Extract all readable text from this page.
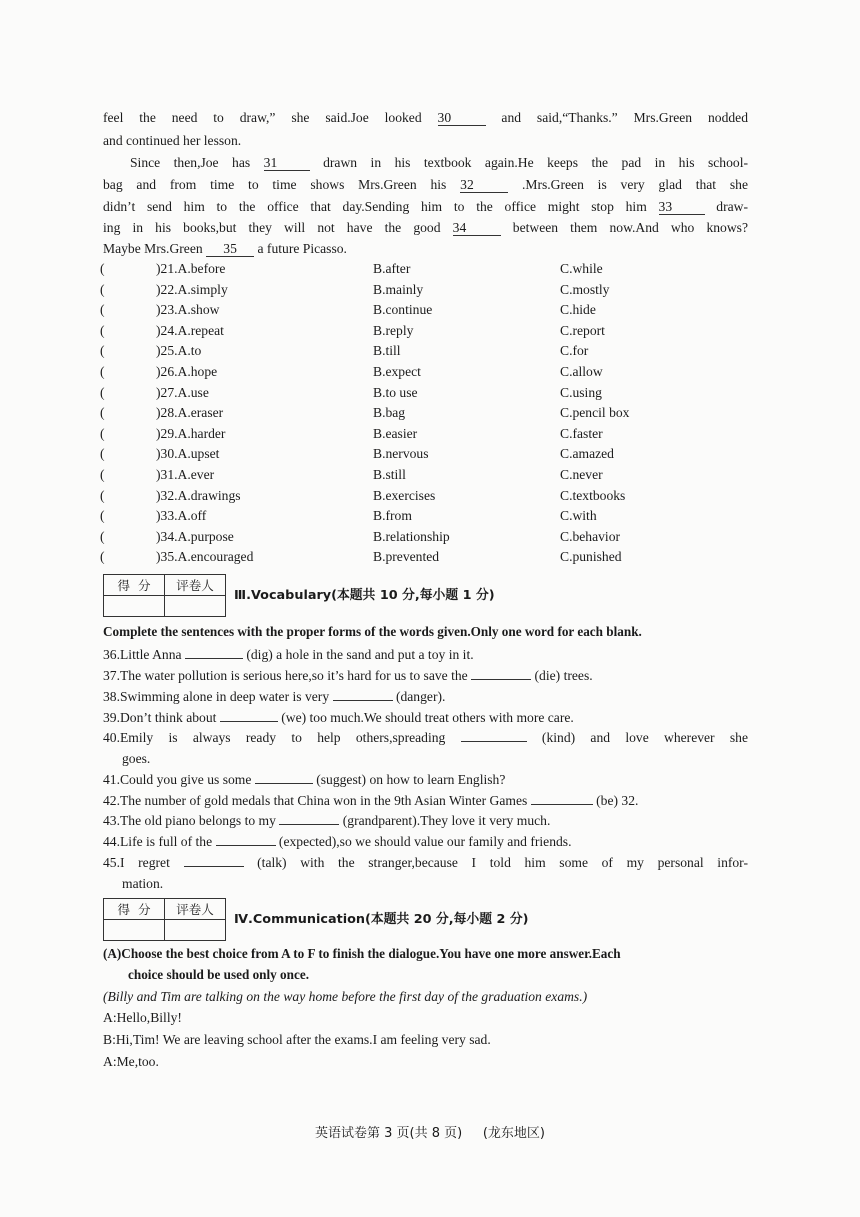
feel the need to draw,” she said.Joe looked 30	and said,“Thanks.” Mrs.Green nodded
and continued her lesson.
Since then,Joe has 31	drawn in his textbook again.He keeps the pad in his school-
bag and from time to time shows Mrs.Green his 32	.Mrs.Green is very glad that she
didn’t send him to the office that day.Sending him to the office might stop him 33	draw-
ing in his books,but they will not have the good 34	between them now.And who knows?
Maybe Mrs.Green 35 a future Picasso.
(	)21.A.before	B.after	C.while
(	)22.A.simply	B.mainly	C.mostly
(	)23.A.show	B.continue	C.hide
(	)24.A.repeat	B.reply	C.report
(	)25.A.to	B.till	C.for
(	)26.A.hope	B.expect	C.allow
(	)27.A.use	B.to use	C.using
(	)28.A.eraser	B.bag	C.pencil box
(	)29.A.harder	B.easier	C.faster
(	)30.A.upset	B.nervous	C.amazed
(	)31.A.ever	B.still	C.never
(	)32.A.drawings	B.exercises	C.textbooks
(	)33.A.off	B.from	C.with
(	)34.A.purpose	B.relationship	C.behavior
(	)35.A.encouraged	B.prevented	C.punished
得  分	评卷人

Ⅲ.Vocabulary(本题共 10 分,每小题 1 分)
Complete the sentences with the proper forms of the words given.Only one word for each blank.
36.Little Anna	(dig) a hole in the sand and put a toy in it.
37.The water pollution is serious here,so it’s hard for us to save the	(die) trees.
38.Swimming alone in deep water is very	(danger).
39.Don’t think about	(we) too much.We should treat others with more care.
40.Emily is always ready to help others,spreading	(kind) and love wherever she
goes.
41.Could you give us some	(suggest) on how to learn English?
42.The number of gold medals that China won in the 9th Asian Winter Games	(be) 32.
43.The old piano belongs to my	(grandparent).They love it very much.
44.Life is full of the	(expected),so we should value our family and friends.
45.I regret	(talk) with the stranger,because I told him some of my personal infor-
mation.
得  分	评卷人

Ⅳ.Communication(本题共 20 分,每小题 2 分)
(A)Choose the best choice from A to F to finish the dialogue.You have one more answer.Each
choice should be used only once.
(Billy and Tim are talking on the way home before the first day of the graduation exams.)
A:Hello,Billy!
B:Hi,Tim! We are leaving school after the exams.I am feeling very sad.
A:Me,too.
英语试卷第 3 页(共 8 页) (龙东地区)
